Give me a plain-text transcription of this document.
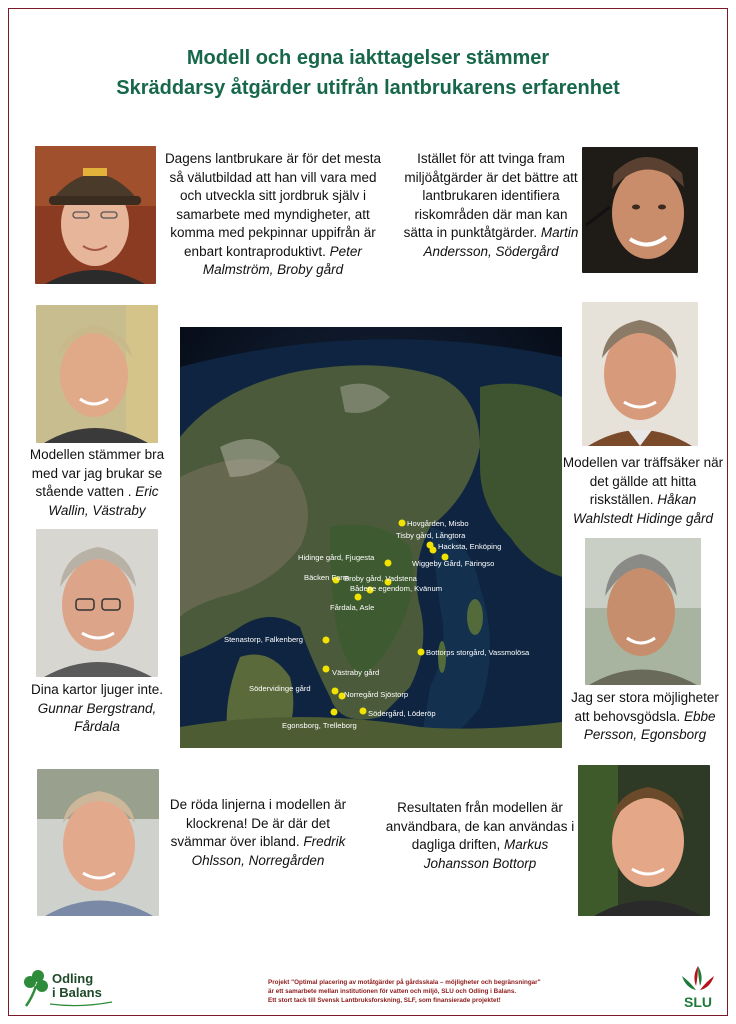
Modell och egna iakttagelser stämmer
Skräddarsy åtgärder utifrån lantbrukarens erfarenhet
Dagens lantbrukare är för det mesta så välutbildad att han vill vara med och utveckla sitt jordbruk själv i samarbete med myndigheter, att komma med pekpinnar uppifrån är enbart kontraproduktivt. Peter Malmström, Broby gård
Istället för att tvinga fram miljöåtgärder är det bättre att lantbrukaren identifiera riskområden där man kan sätta in punktåtgärder. Martin Andersson, Södergård
Modellen stämmer bra med var jag brukar se stående vatten . Eric Wallin, Västraby
Modellen var träffsäker när det gällde att hitta riskställen. Håkan Wahlstedt Hidinge gård
Hovgården, Misbo
Tisby gård, Långtora
Hacksta, Enköping
Wiggeby Gård, Färingso
Hidinge gård, Fjugesta
Bäcken Farm
Broby gård, Vadstena
Bådene egendom, Kvänum
Fårdala, Asle
Stenastorp, Falkenberg
Bottorps storgård, Vassmolösa
Västraby gård
Södervidinge gård
Norregård Sjöstorp
Södergård, Löderöp
Egonsborg, Trelleborg
Dina kartor ljuger inte. Gunnar Bergstrand, Fårdala
Jag ser stora möjligheter att behovsgödsla. Ebbe Persson, Egonsborg
De röda linjerna i modellen är klockrena! De är där det svämmar över ibland. Fredrik Ohlsson, Norregården
Resultaten från modellen är användbara, de kan användas i dagliga driften, Markus Johansson Bottorp
Odling
i Balans
Projekt "Optimal placering av motåtgärder på gårdsskala – möjligheter och begränsningar"
är ett samarbete mellan institutionen för vatten och miljö, SLU och Odling i Balans.
Ett stort tack till Svensk Lantbruksforskning, SLF, som finansierade projektet!	SLU
